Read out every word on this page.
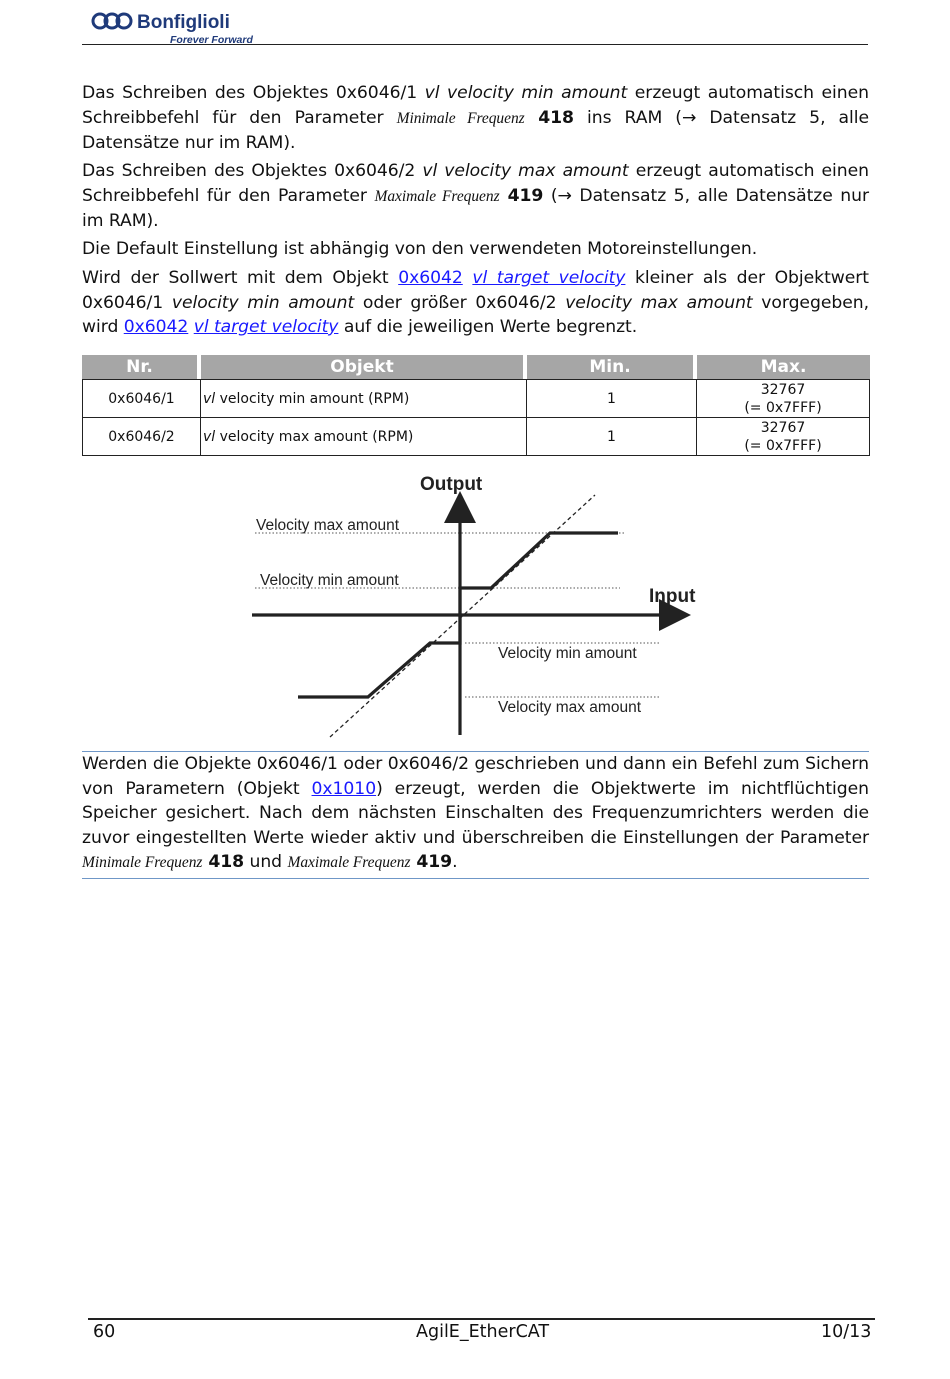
Bonfiglioli
Forever Forward
Das Schreiben des Objektes 0x6046/1 vl velocity min amount erzeugt automatisch einen Schreibbefehl für den Parameter Minimale Frequenz 418 ins RAM (→ Datensatz 5, alle Datensätze nur im RAM).
Das Schreiben des Objektes 0x6046/2 vl velocity max amount erzeugt automatisch einen Schreibbefehl für den Parameter Maximale Frequenz 419 (→ Datensatz 5, alle Datensätze nur im RAM).
Die Default Einstellung ist abhängig von den verwendeten Motoreinstellungen.
Wird der Sollwert mit dem Objekt 0x6042 vl target velocity kleiner als der Objektwert 0x6046/1 velocity min amount oder größer 0x6046/2 velocity max amount vorgegeben, wird 0x6042 vl target velocity auf die jeweiligen Werte begrenzt.
Nr.	Objekt	Min.	Max.
0x6046/1	vl velocity min amount (RPM)	1	32767
(= 0x7FFF)

0x6046/2	vl velocity max amount (RPM)	1	32767
(= 0x7FFF)
Output
Input
Velocity max amount
Velocity min amount
Velocity min amount
Velocity max amount
Werden die Objekte 0x6046/1 oder 0x6046/2 geschrieben und dann ein Befehl zum Sichern von Parametern (Objekt 0x1010) erzeugt, werden die Objektwerte im nichtflüchtigen Speicher gesichert. Nach dem nächsten Einschalten des Frequenzumrichters werden die zuvor eingestellten Werte wieder aktiv und überschreiben die Einstellungen der Parameter Minimale Frequenz 418 und Maximale Frequenz 419.
60	AgilE_EtherCAT	10/13
